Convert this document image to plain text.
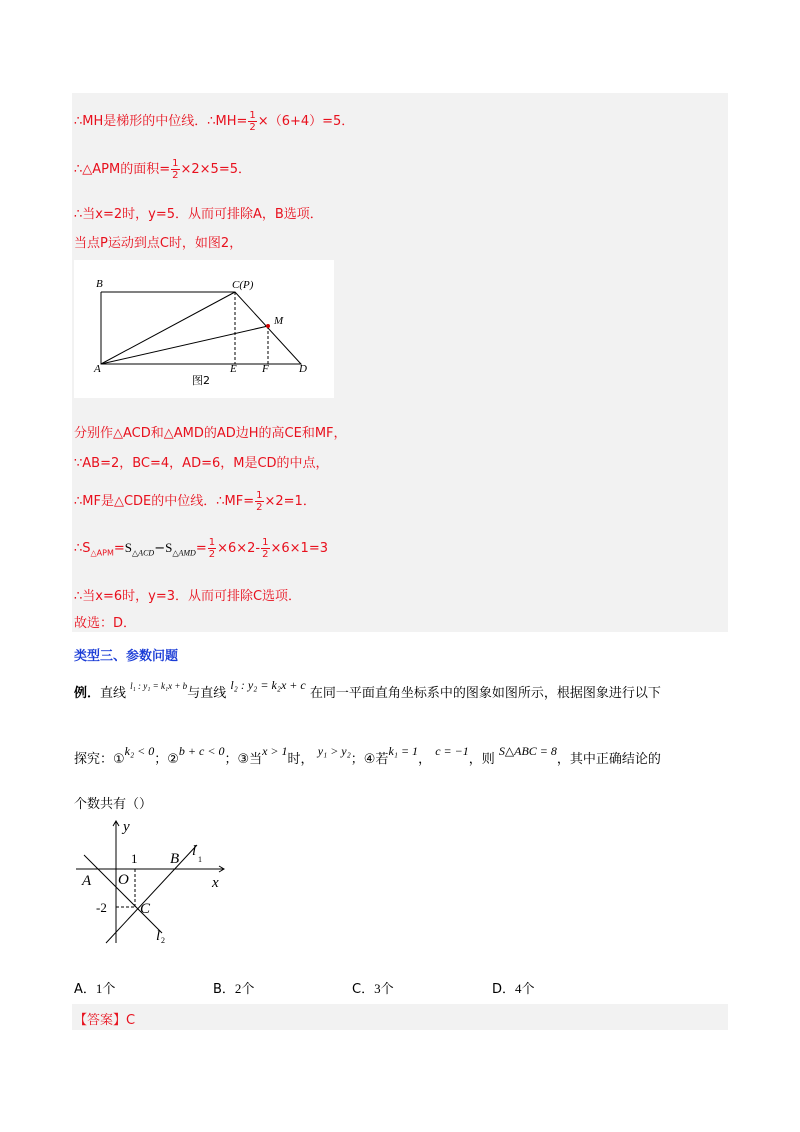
∴MH是梯形的中位线．∴MH= $\frac{1}{2} \times(6+4)=5$．
∴△APM的面积= $\frac{1}{2} \times 2\times 5=5$．
∴当x=2时，y=5．从而可排除A，B选项．
当点P运动到点C时，如图2，
B	C(P)
M
A	E F	D
图2
分别作△ACD和△AMD的AD边H的高CE和MF，
∵AB=2，BC=4，AD=6，M是CD的中点，
∴MF是△CDE的中位线．∴MF= $\frac{1}{2} \times 2=1$．
$\therefore S_{\triangle APM}=S_{\triangle ACD}-S_{\triangle AMD}= \frac{1}{2} \times 6\times 2- \frac{1}{2} \times 6\times 1=3$
∴当x=6时，y=3．从而可排除C选项．
故选：D．
类型三、参数问题
例．直线 $^{l_1 : y_1 = k_1x + b}$与直线 l₂ : y₂ = k₂x + c 在同一平面直角坐标系中的图象如图所示，根据图象进行以下
探究：①k₂ < 0；②b + c < 0；③当x > 1时， y₁ > y₂；④若k₁ = 1， c = −1，则 S△ABC = 8，其中正确结论的
个数共有（）
y
x
O
A
B
C
l
l
1
2
1
-2
A．1个	B．2个	C．3个	D．4个
【答案】C
